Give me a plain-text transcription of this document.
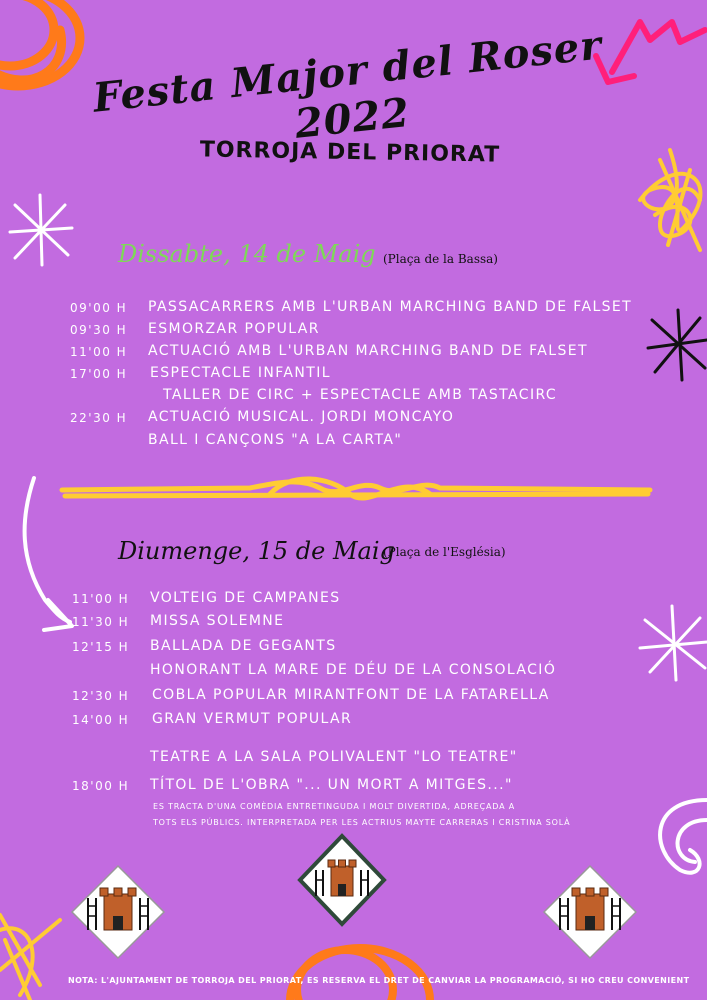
Festa Major del Roser 2022
TORROJA DEL PRIORAT
Dissabte, 14 de Maig (Plaça de la Bassa)
09'00 H PASSACARRERS AMB L'URBAN MARCHING BAND DE FALSET
09'30 H ESMORZAR POPULAR
11'00 H ACTUACIÓ AMB L'URBAN MARCHING BAND DE FALSET
17'00 H ESPECTACLE INFANTIL
TALLER DE CIRC + ESPECTACLE AMB TASTACIRC
22'30 H ACTUACIÓ MUSICAL. JORDI MONCAYO
BALL I CANÇONS "A LA CARTA"
Diumenge, 15 de Maig
(Plaça de l'Església)
11'00 H VOLTEIG DE CAMPANES
11'30 H MISSA SOLEMNE
12'15 H BALLADA DE GEGANTS
HONORANT LA MARE DE DÉU DE LA CONSOLACIÓ
12'30 H COBLA POPULAR MIRANTFONT DE LA FATARELLA
14'00 H GRAN VERMUT POPULAR
TEATRE A LA SALA POLIVALENT "LO TEATRE"
18'00 H TÍTOL DE L'OBRA "... UN MORT A MITGES..."
ES TRACTA D'UNA COMÈDIA ENTRETINGUDA I MOLT DIVERTIDA, ADREÇADA A
TOTS ELS PÚBLICS. INTERPRETADA PER LES ACTRIUS MAYTE CARRERAS I CRISTINA SOLÀ
NOTA: L'AJUNTAMENT DE TORROJA DEL PRIORAT, ES RESERVA EL DRET DE CANVIAR LA PROGRAMACIÓ, SI HO CREU CONVENIENT
